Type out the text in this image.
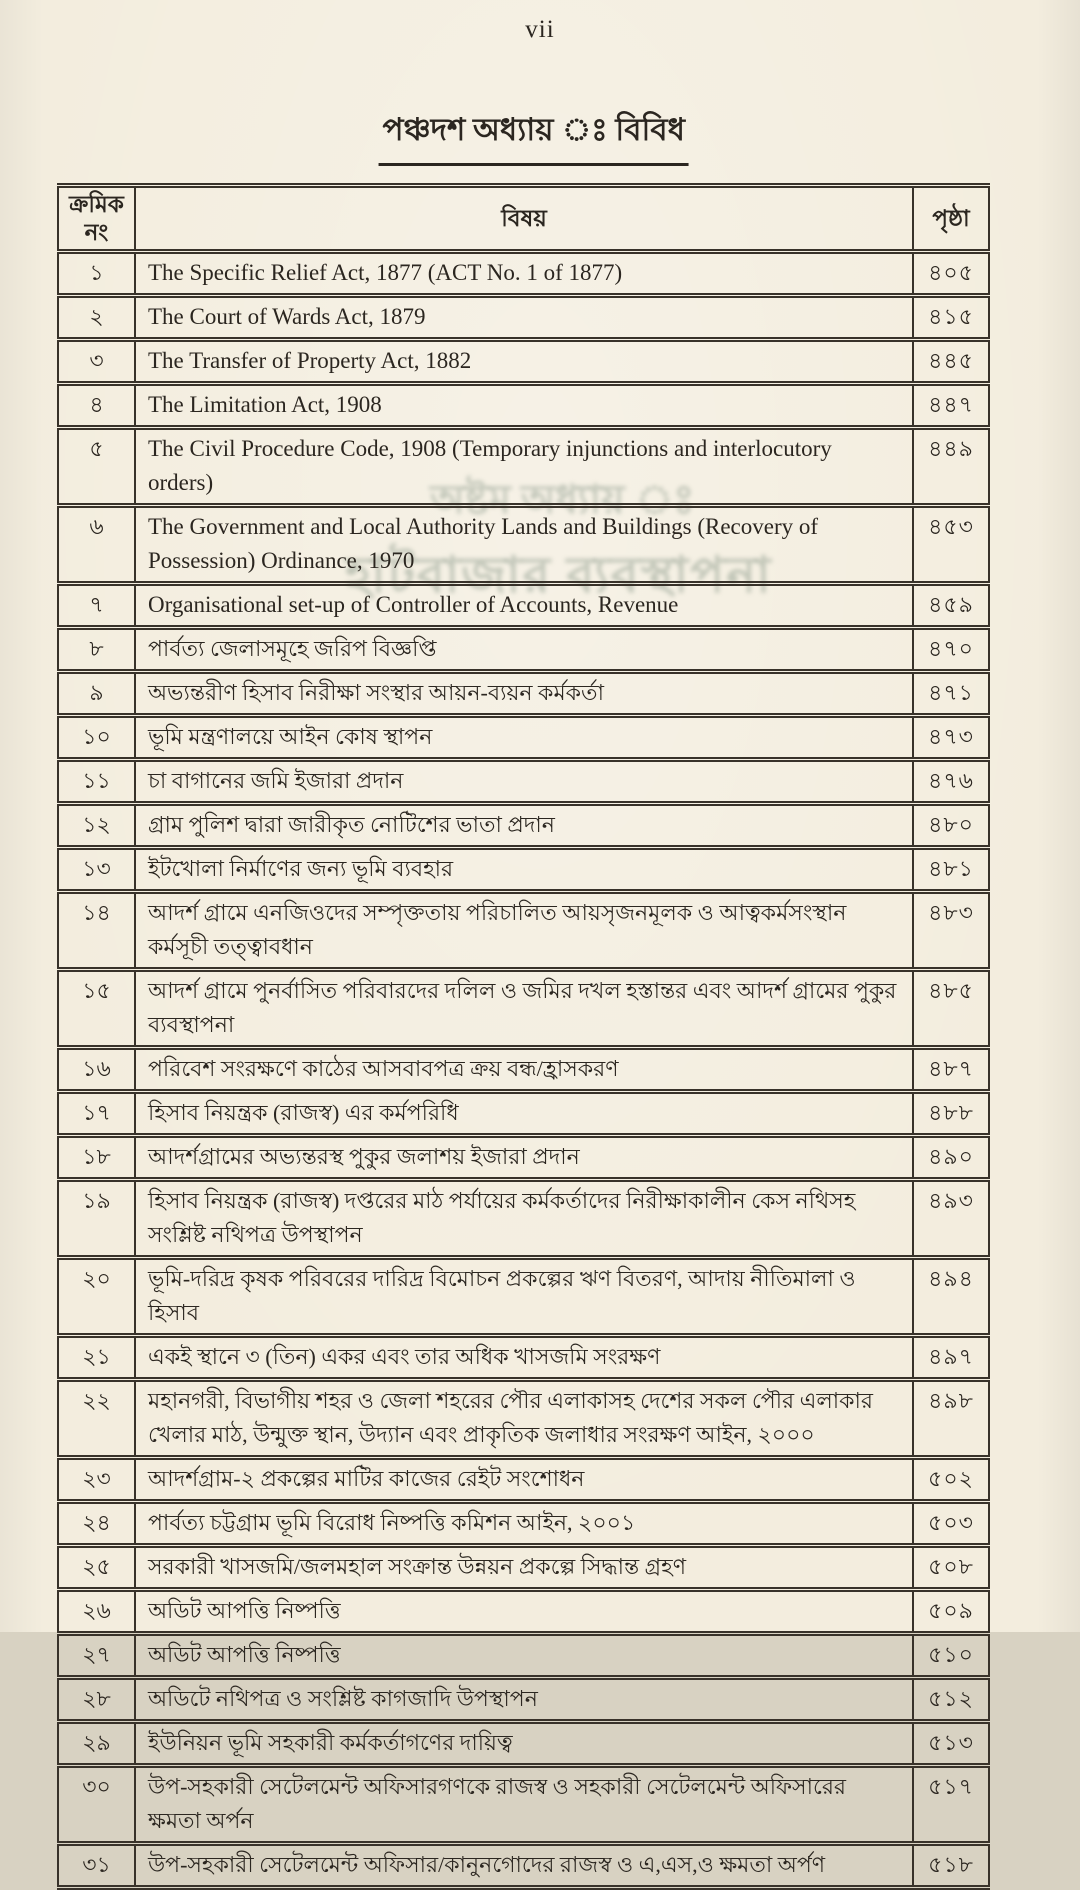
vii
পঞ্চদশ অধ্যায় ঃ বিবিধ
অষ্টম অধ্যায় ঃ
হাটবাজার ব্যবস্থাপনা
ক্রমিক
নং	বিষয়	পৃষ্ঠা
১	The Specific Relief Act, 1877 (ACT No. 1 of 1877)	৪০৫
২	The Court of Wards Act, 1879	৪১৫
৩	The Transfer of Property Act, 1882	৪৪৫
৪	The Limitation Act, 1908	৪৪৭
৫	The Civil Procedure Code, 1908 (Temporary injunctions and interlocutory orders)	৪৪৯
৬	The Government and Local Authority Lands and Buildings (Recovery of Possession) Ordinance, 1970	৪৫৩
৭	Organisational set-up of Controller of Accounts, Revenue	৪৫৯
৮	পার্বত্য জেলাসমূহে জরিপ বিজ্ঞপ্তি	৪৭০
৯	অভ্যন্তরীণ হিসাব নিরীক্ষা সংস্থার আয়ন-ব্যয়ন কর্মকর্তা	৪৭১
১০	ভূমি মন্ত্রণালয়ে আইন কোষ স্থাপন	৪৭৩
১১	চা বাগানের জমি ইজারা প্রদান	৪৭৬
১২	গ্রাম পুলিশ দ্বারা জারীকৃত নোটিশের ভাতা প্রদান	৪৮০
১৩	ইটখোলা নির্মাণের জন্য ভূমি ব্যবহার	৪৮১
১৪	আদর্শ গ্রামে এনজিওদের সম্পৃক্ততায় পরিচালিত আয়সৃজনমূলক ও আত্বকর্মসংস্থান কর্মসূচী তত্ত্বাবধান	৪৮৩
১৫	আদর্শ গ্রামে পুনর্বাসিত পরিবারদের দলিল ও জমির দখল হস্তান্তর এবং আদর্শ গ্রামের পুকুর ব্যবস্থাপনা	৪৮৫
১৬	পরিবেশ সংরক্ষণে কাঠের আসবাবপত্র ক্রয় বন্ধ/হ্রাসকরণ	৪৮৭
১৭	হিসাব নিয়ন্ত্রক (রাজস্ব) এর কর্মপরিধি	৪৮৮
১৮	আদর্শগ্রামের অভ্যন্তরস্থ পুকুর জলাশয় ইজারা প্রদান	৪৯০
১৯	হিসাব নিয়ন্ত্রক (রাজস্ব) দপ্তরের মাঠ পর্যায়ের কর্মকর্তাদের নিরীক্ষাকালীন কেস নথিসহ সংশ্লিষ্ট নথিপত্র উপস্থাপন	৪৯৩
২০	ভূমি-দরিদ্র কৃষক পরিবরের দারিদ্র বিমোচন প্রকল্পের ঋণ বিতরণ, আদায় নীতিমালা ও হিসাব	৪৯৪
২১	একই স্থানে ৩ (তিন) একর এবং তার অধিক খাসজমি সংরক্ষণ	৪৯৭
২২	মহানগরী, বিভাগীয় শহর ও জেলা শহরের পৌর এলাকাসহ দেশের সকল পৌর এলাকার খেলার মাঠ, উন্মুক্ত স্থান, উদ্যান এবং প্রাকৃতিক জলাধার সংরক্ষণ আইন, ২০০০	৪৯৮
২৩	আদর্শগ্রাম-২ প্রকল্পের মাটির কাজের রেইট সংশোধন	৫০২
২৪	পার্বত্য চট্টগ্রাম ভূমি বিরোধ নিষ্পত্তি কমিশন আইন, ২০০১	৫০৩
২৫	সরকারী খাসজমি/জলমহাল সংক্রান্ত উন্নয়ন প্রকল্পে সিদ্ধান্ত গ্রহণ	৫০৮
২৬	অডিট আপত্তি নিষ্পত্তি	৫০৯
২৭	অডিট আপত্তি নিষ্পত্তি	৫১০
২৮	অডিটে নথিপত্র ও সংশ্লিষ্ট কাগজাদি উপস্থাপন	৫১২
২৯	ইউনিয়ন ভূমি সহকারী কর্মকর্তাগণের দায়িত্ব	৫১৩
৩০	উপ-সহকারী সেটেলমেন্ট অফিসারগণকে রাজস্ব ও সহকারী সেটেলমেন্ট অফিসারের ক্ষমতা অর্পন	৫১৭
৩১	উপ-সহকারী সেটেলমেন্ট অফিসার/কানুনগোদের রাজস্ব ও এ,এস,ও ক্ষমতা অর্পণ	৫১৮
